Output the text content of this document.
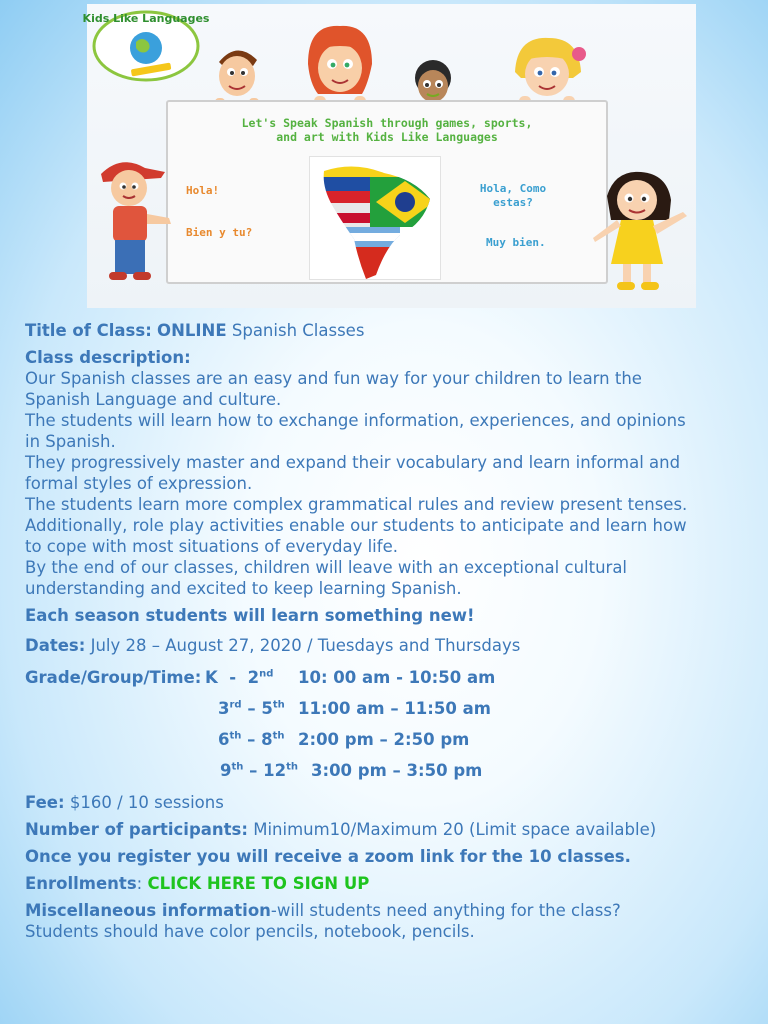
Kids Like Languages
Let's Speak Spanish through games, sports,
and art with Kids Like Languages
Hola!
Bien y tu?
Hola, Como
estas?
Muy bien.

Title of Class: ONLINE Spanish Classes

Class description:

Our Spanish classes are an easy and fun way for your children to learn the
Spanish Language and culture.
The students will learn how to exchange information, experiences, and opinions
in Spanish.
They progressively master and expand their vocabulary and learn informal and
formal styles of expression.
The students learn more complex grammatical rules and review present tenses.
Additionally, role play activities enable our students to anticipate and learn how
to cope with most situations of everyday life.
By the end of our classes, children will leave with an exceptional cultural
understanding and excited to keep learning Spanish.

Each season students will learn something new!

Dates: July 28 – August 27, 2020 / Tuesdays and Thursdays

Grade/Group/Time: K - 2nd 10: 00 am - 10:50 am
3rd – 5th 11:00 am – 11:50 am
6th – 8th 2:00 pm – 2:50 pm
9th – 12th 3:00 pm – 3:50 pm

Fee: $160 / 10 sessions

Number of participants: Minimum10/Maximum 20 (Limit space available)

Once you register you will receive a zoom link for the 10 classes.

Enrollments: CLICK HERE TO SIGN UP

Miscellaneous information-will students need anything for the class?

Students should have color pencils, notebook, pencils.
